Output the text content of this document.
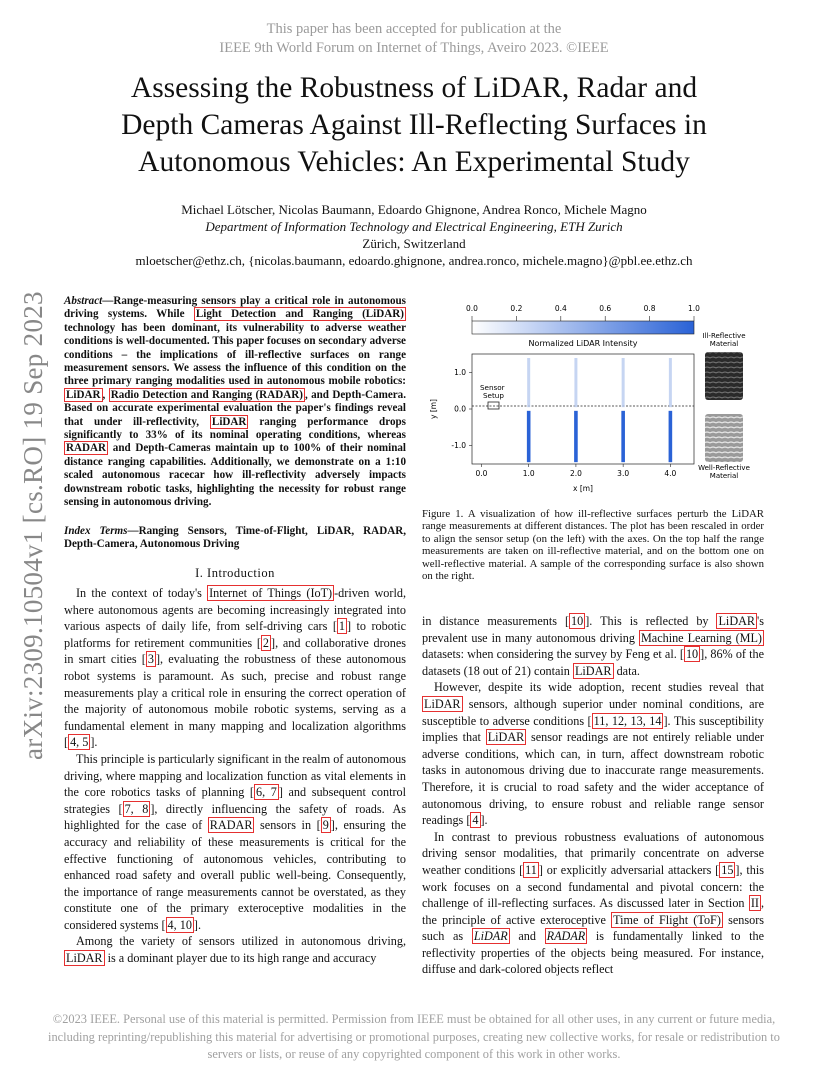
This paper has been accepted for publication at the
IEEE 9th World Forum on Internet of Things, Aveiro 2023. ©IEEE
Assessing the Robustness of LiDAR, Radar and
Depth Cameras Against Ill-Reflecting Surfaces in
Autonomous Vehicles: An Experimental Study
Michael Lötscher, Nicolas Baumann, Edoardo Ghignone, Andrea Ronco, Michele Magno
Department of Information Technology and Electrical Engineering, ETH Zurich
Zürich, Switzerland
mloetscher@ethz.ch, {nicolas.baumann, edoardo.ghignone, andrea.ronco, michele.magno}@pbl.ee.ethz.ch
arXiv:2309.10504v1 [cs.RO] 19 Sep 2023 Abstract—Range-measuring sensors play a critical role in autonomous driving systems. While Light Detection and Ranging (LiDAR) technology has been dominant, its vulnerability to adverse weather conditions is well-documented. This paper focuses on secondary adverse conditions – the implications of ill-reflective surfaces on range measurement sensors. We assess the influence of this condition on the three primary ranging modalities used in autonomous mobile robotics: LiDAR , Radio Detection and Ranging (RADAR) , and Depth-Camera. Based on accurate experimental evaluation the paper's findings reveal that under ill-reflectivity, LiDAR ranging performance drops significantly to 33% of its nominal operating conditions, whereas RADAR and Depth-Cameras maintain up to 100% of their nominal distance ranging capabilities. Additionally, we demonstrate on a 1:10 scaled autonomous racecar how ill-reflectivity adversely impacts downstream robotic tasks, highlighting the necessity for robust range sensing in autonomous driving.
Index Terms—Ranging Sensors, Time-of-Flight, LiDAR, RADAR, Depth-Camera, Autonomous Driving
I. Introduction

In the context of today's Internet of Things (IoT) -driven world, where autonomous agents are becoming increasingly integrated into various aspects of daily life, from self-driving cars [ 1 ] to robotic platforms for retirement communities [ 2 ], and collaborative drones in smart cities [ 3 ], evaluating the robustness of these autonomous robot systems is paramount. As such, precise and robust range measurements play a critical role in ensuring the correct operation of the majority of autonomous mobile robotic systems, serving as a fundamental element in many mapping and localization algorithms [ 4, 5 ].

This principle is particularly significant in the realm of autonomous driving, where mapping and localization function as vital elements in the core robotics tasks of planning [ 6, 7 ] and subsequent control strategies [ 7, 8 ], directly influencing the safety of roads. As highlighted for the case of RADAR sensors in [ 9 ], ensuring the accuracy and reliability of these measurements is critical for the effective functioning of autonomous vehicles, contributing to enhanced road safety and overall public well-being. Consequently, the importance of range measurements cannot be overstated, as they constitute one of the primary exteroceptive modalities in the considered systems [ 4, 10 ].

Among the variety of sensors utilized in autonomous driving, LiDAR is a dominant player due to its high range and accuracy

0.0	0.2	0.4	0.6	0.8	1.0
Normalized LiDAR Intensity
1.0
0.0
-1.0
0.0	1.0	2.0	3.0	4.0
Sensor
Setup
y [m]
x [m]
Ill-Reflective
Material
Well-Reflective
Material
Figure 1. A visualization of how ill-reflective surfaces perturb the LiDAR range measurements at different distances. The plot has been rescaled in order to align the sensor setup (on the left) with the axes. On the top half the range measurements are taken on ill-reflective material, and on the bottom one on well-reflective material. A sample of the corresponding surface is also shown on the right.

in distance measurements [ 10 ]. This is reflected by LiDAR 's prevalent use in many autonomous driving Machine Learning (ML) datasets: when considering the survey by Feng et al. [ 10 ], 86% of the datasets (18 out of 21) contain LiDAR data.

However, despite its wide adoption, recent studies reveal that LiDAR sensors, although superior under nominal conditions, are susceptible to adverse conditions [ 11, 12, 13, 14 ]. This susceptibility implies that LiDAR sensor readings are not entirely reliable under adverse conditions, which can, in turn, affect downstream robotic tasks in autonomous driving due to inaccurate range measurements. Therefore, it is crucial to road safety and the wider acceptance of autonomous driving, to ensure robust and reliable range sensor readings [ 4 ].

In contrast to previous robustness evaluations of autonomous driving sensor modalities, that primarily concentrate on adverse weather conditions [ 11 ] or explicitly adversarial attackers [ 15 ], this work focuses on a second fundamental and pivotal concern: the challenge of ill-reflecting surfaces. As discussed later in Section II , the principle of active exteroceptive Time of Flight (ToF) sensors such as LiDAR and RADAR is fundamentally linked to the reflectivity properties of the objects being measured. For instance, diffuse and dark-colored objects reflect

©2023 IEEE. Personal use of this material is permitted. Permission from IEEE must be obtained for all other uses, in any current or future media,
including reprinting/republishing this material for advertising or promotional purposes, creating new collective works, for resale or redistribution to
servers or lists, or reuse of any copyrighted component of this work in other works.
